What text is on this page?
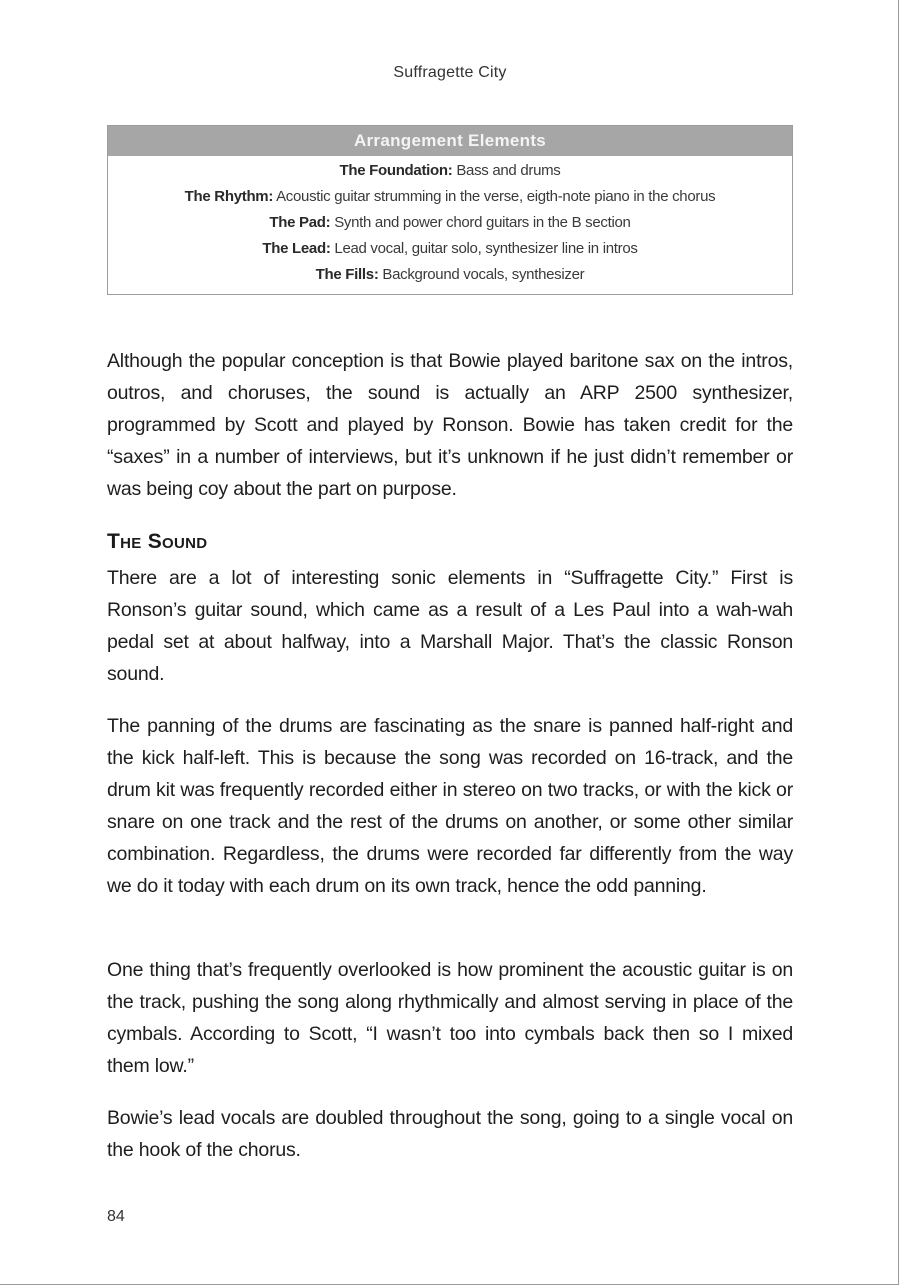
Suffragette City
Arrangement Elements
The Foundation: Bass and drums
The Rhythm: Acoustic guitar strumming in the verse, eigth-note piano in the chorus
The Pad: Synth and power chord guitars in the B section
The Lead: Lead vocal, guitar solo, synthesizer line in intros
The Fills: Background vocals, synthesizer

Although the popular conception is that Bowie played baritone sax on the intros, outros, and choruses, the sound is actually an ARP 2500 synthesizer, programmed by Scott and played by Ronson. Bowie has taken credit for the “saxes” in a number of interviews, but it’s unknown if he just didn’t remember or was being coy about the part on purpose.

The Sound

There are a lot of interesting sonic elements in “Suffragette City.” First is Ronson’s guitar sound, which came as a result of a Les Paul into a wah-wah pedal set at about halfway, into a Marshall Major. That’s the classic Ronson sound.

The panning of the drums are fascinating as the snare is panned half-right and the kick half-left. This is because the song was recorded on 16-track, and the drum kit was frequently recorded either in stereo on two tracks, or with the kick or snare on one track and the rest of the drums on another, or some other similar combination. Regardless, the drums were recorded far differently from the way we do it today with each drum on its own track, hence the odd panning.

One thing that’s frequently overlooked is how prominent the acoustic guitar is on the track, pushing the song along rhythmically and almost serving in place of the cymbals. According to Scott, “I wasn’t too into cymbals back then so I mixed them low.”

Bowie’s lead vocals are doubled throughout the song, going to a single vocal on the hook of the chorus.

84
